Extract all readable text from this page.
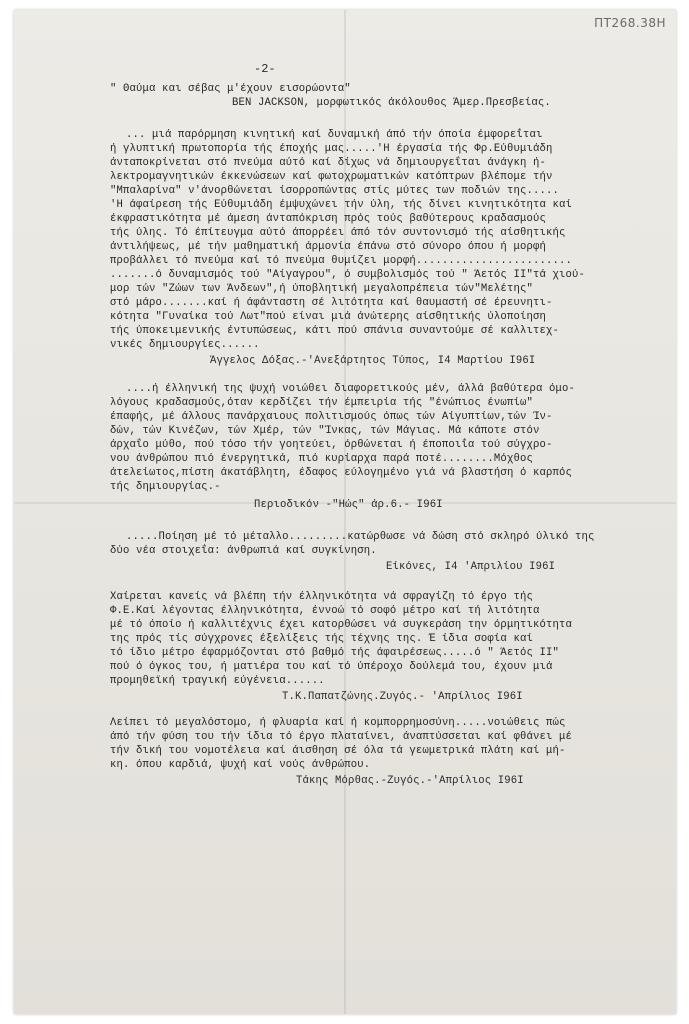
ΠΤ268.38Η
-2-
" Θαύμα και σέβας μ'έχουν εισορώοντα"
BEN JACKSON, μορφωτικός άκόλουθος Άμερ.Πρεσβείας.
... μιά παρόρμηση κινητική καί δυναμική άπό τήν όποία έμφορεΐται
ή γλυπτική πρωτοπορία τής έποχής μας.....'Η έργασία τής Φρ.Εύθυμιάδη
άνταποκρίνεται στό πνεύμα αύτό καί δίχως νά δημιουργεΐται άνάγκη ή-
λεκτρομαγνητικών έκκενώσεων καί φωτοχρωματικών κατόπτρων βλέπομε τήν
"Μπαλαρίνα" ν'άνορθώνεται ίσορροπώντας στίς μύτες των ποδιών της.....
'Η άφαίρεση τής Εύθυμιάδη έμψυχώνει τήν ύλη, τής δίνει κινητικότητα καί
έκφραστικότητα μέ άμεση άνταπόκριση πρός τούς βαθύτερους κραδασμούς
τής ύλης. Τό έπίτευγμα αύτό άπορρέει άπό τόν συντονισμό τής αίσθητικής
άντιλήψεως, μέ τήν μαθηματική άρμονία έπάνω στό σύνορο όπου ή μορφή
προβάλλει τό πνεύμα καί τό πνεύμα θυμίζει μορφή........................
.......ό δυναμισμός τού "Αίγαγρου", ό συμβολισμός τού " Άετός ΙΙ"τά χιού-
μορ τών "Ζώων των Άνδεων",ή ύποβλητική μεγαλοπρέπεια τών"Μελέτης"
στό μάρο.......καί ή άφάνταστη σέ λιτότητα καί θαυμαστή σέ έρευνητι-
κότητα "Γυναίκα τού Λωτ"πού είναι μιά άνώτερης αίσθητικής ύλοποίηση
τής ύποκειμενικής έντυπώσεως, κάτι πού σπάνια συναντούμε σέ καλλιτεχ-
νικές δημιουργίες......
Άγγελος Δόξας.-'Ανεξάρτητος Τύπος, Ι4 Μαρτίου Ι96Ι
....ή έλληνική της ψυχή νοιώθει διαφορετικούς μέν, άλλά βαθύτερα όμο-
λόγους κραδασμούς,όταν κερδίζει τήν έμπειρία τής "ένώπιος ένωπίω"
έπαφής, μέ άλλους πανάρχαιους πολιτισμούς όπως τών Αίγυπτίων,τών Ίν-
δών, τών Κινέζων, τών Χμέρ, τών "Ίνκας, τών Μάγιας. Μά κάποτε στόν
άρχαΐο μύθο, πού τόσο τήν γοητεύει, όρθώνεται ή έποποιΐα τού σύγχρο-
νου άνθρώπου πιό ένεργητικά, πιό κυρίαρχα παρά ποτέ........Μόχθος
άτελείωτος,πίστη άκατάβλητη, έδαφος εύλογημένο γιά νά βλαστήση ό καρπός
τής δημιουργίας.-
Περιοδικόν -"Ηώς" άρ.6.- Ι96Ι
.....Ποίηση μέ τό μέταλλο.........κατώρθωσε νά δώση στό σκληρό ύλικό της
δύο νέα στοιχεΐα: άνθρωπιά καί συγκίνηση.
Είκόνες, Ι4 'Απριλίου Ι96Ι
Χαίρεται κανείς νά βλέπη τήν έλληνικότητα νά σφραγίζη τό έργο τής
Φ.Ε.Καί λέγοντας έλληνικότητα, έννοώ τό σοφό μέτρο καί τή λιτότητα
μέ τό όποίο ή καλλιτέχνις έχει κατορθώσει νά συγκεράση την όρμητικότητα
της πρός τίς σύγχρονες έξελίξεις τής τέχνης της. Έ ίδια σοφία καί
τό ίδιο μέτρο έφαρμόζονται στό βαθμό τής άφαιρέσεως.....ό " Άετός ΙΙ"
πού ό όγκος του, ή ματιέρα του καί τό ύπέροχο δούλεμά του, έχουν μιά
προμηθεϊκή τραγική εύγένεια......
Τ.Κ.Παπατζώνης.Ζυγός.- 'Απρίλιος Ι96Ι
Λείπει τό μεγαλόστομο, ή φλυαρία καί ή κομπορρημοσύνη.....νοιώθεις πώς
άπό τήν φύση του τήν ίδια τό έργο πλαταίνει, άναπτύσσεται καί φθάνει μέ
τήν δική του νομοτέλεια καί άισθηση σέ όλα τά γεωμετρικά πλάτη καί μή-
κη. όπου καρδιά, ψυχή καί νούς άνθρώπου.
Τάκης Μόρθας.-Ζυγός.-'Απρίλιος Ι96Ι
